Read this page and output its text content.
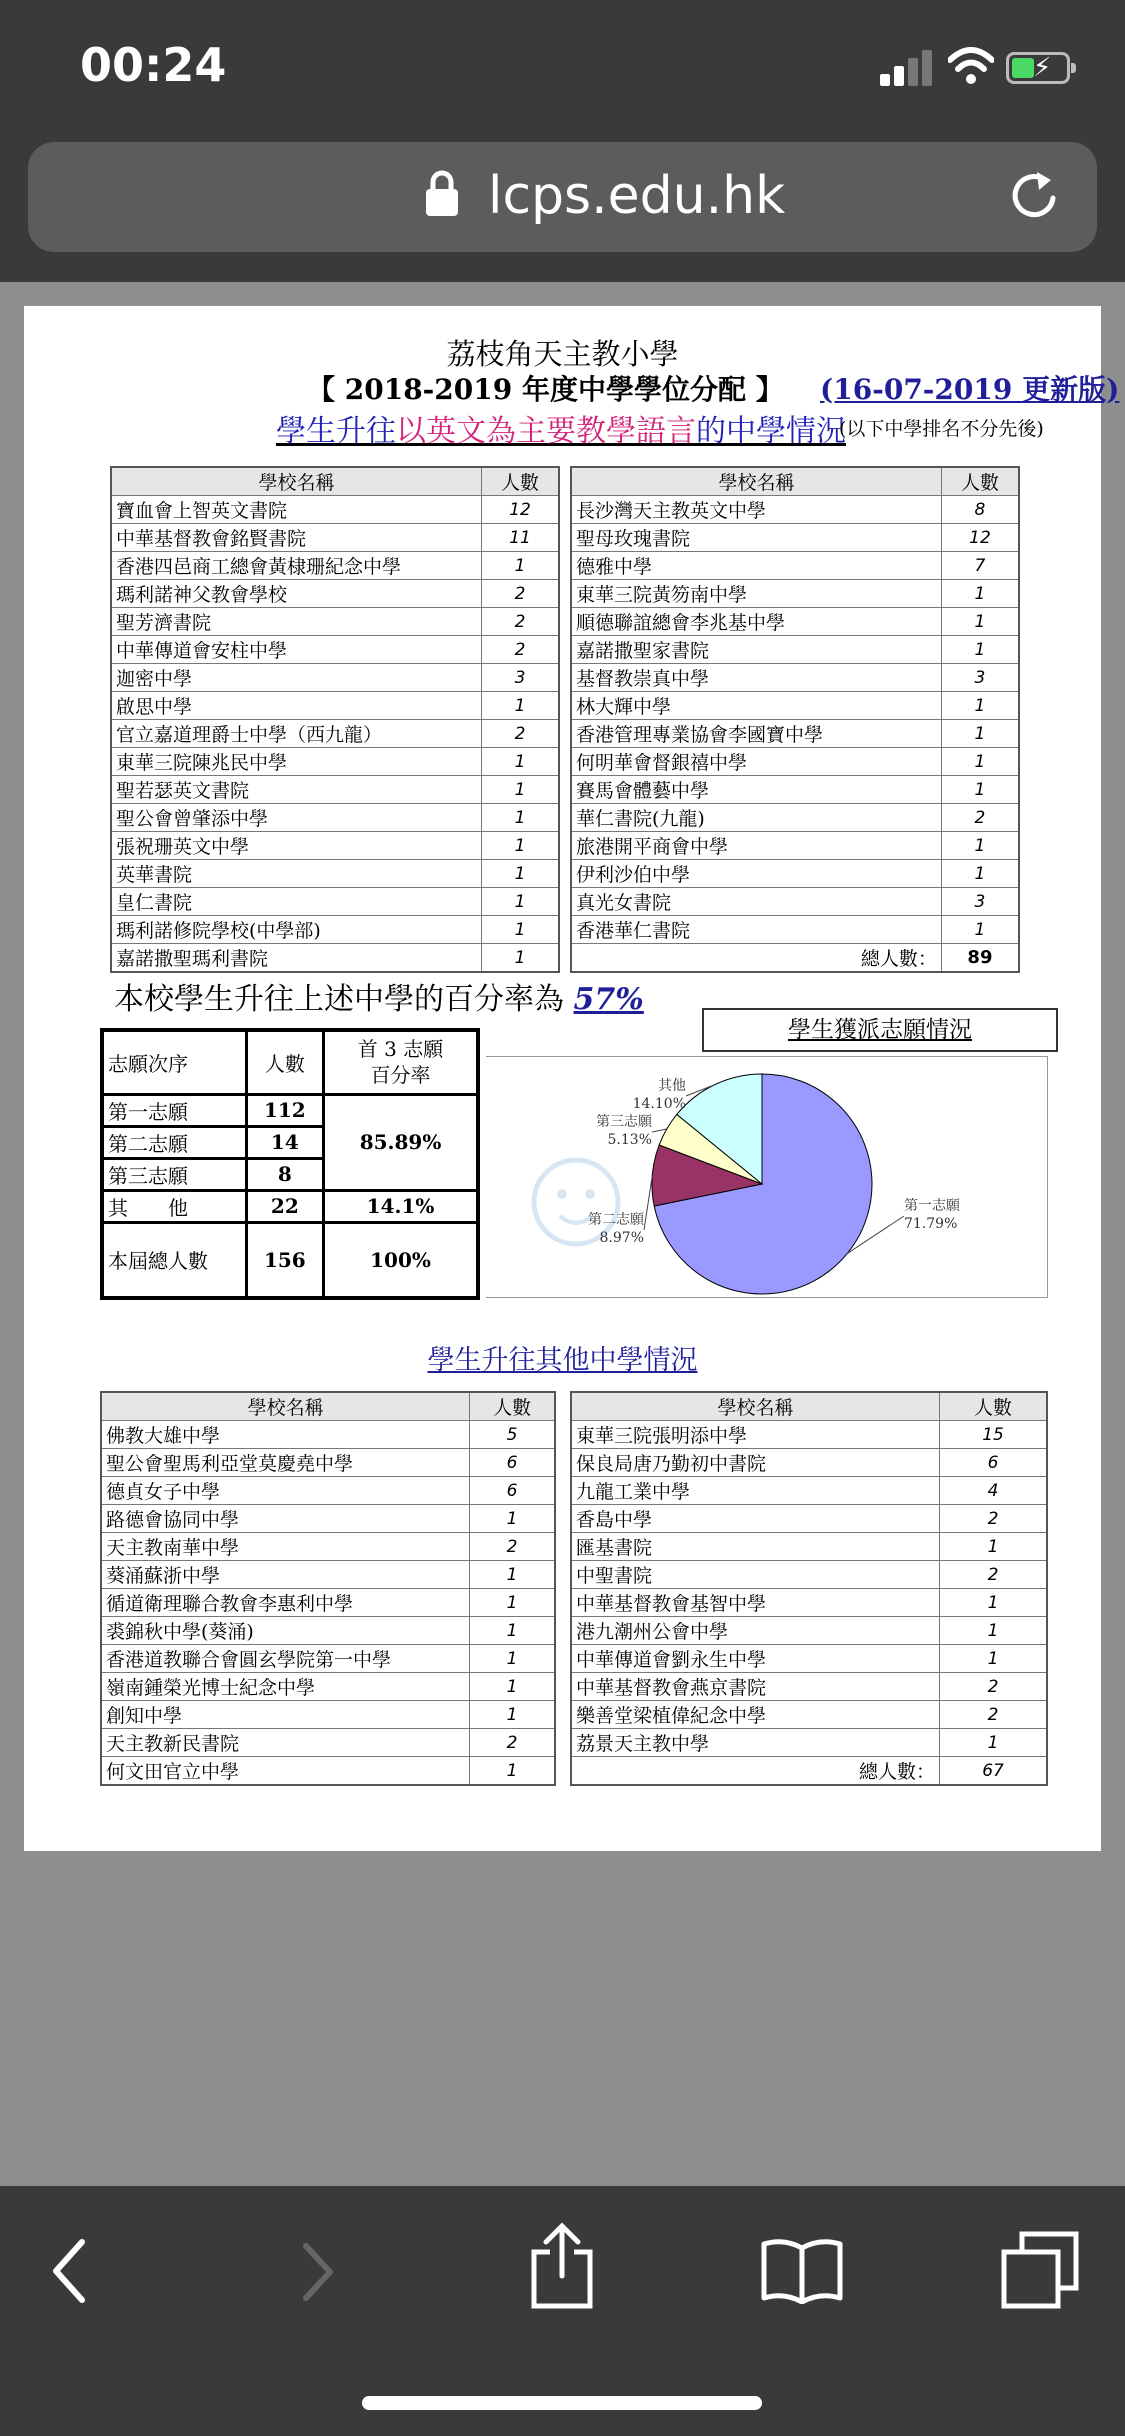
00:24	⚡
lcps.edu.hk
荔枝角天主教小學
【 2018-2019 年度中學學位分配 】 (16-07-2019 更新版)
學生升往以英文為主要教學語言的中學情況
(以下中學排名不分先後)
學校名稱	人數
寶血會上智英文書院	12
中華基督教會銘賢書院	11
香港四邑商工總會黃棣珊紀念中學	1
瑪利諾神父教會學校	2
聖芳濟書院	2
中華傳道會安柱中學	2
迦密中學	3
啟思中學	1
官立嘉道理爵士中學（西九龍）	2
東華三院陳兆民中學	1
聖若瑟英文書院	1
聖公會曾肇添中學	1
張祝珊英文中學	1
英華書院	1
皇仁書院	1
瑪利諾修院學校(中學部)	1
嘉諾撒聖瑪利書院	1
學校名稱	人數
長沙灣天主教英文中學	8
聖母玫瑰書院	12
德雅中學	7
東華三院黃笏南中學	1
順德聯誼總會李兆基中學	1
嘉諾撒聖家書院	1
基督教崇真中學	3
林大輝中學	1
香港管理專業協會李國寶中學	1
何明華會督銀禧中學	1
賽馬會體藝中學	1
華仁書院(九龍)	2
旅港開平商會中學	1
伊利沙伯中學	1
真光女書院	3
香港華仁書院	1
總人數：	89
本校學生升往上述中學的百分率為 57%
志願次序	人數	首 3 志願
百分率
第一志願	112	85.89%
第二志願	14	
第三志願	8	
其　　他	22	14.1%
本屆總人數	156	100%
學生獲派志願情況
第一志願
71.79%
第二志願
8.97%
第三志願
5.13%
其他
14.10%
學生升往其他中學情況
學校名稱	人數
佛教大雄中學	5
聖公會聖馬利亞堂莫慶堯中學	6
德貞女子中學	6
路德會協同中學	1
天主教南華中學	2
葵涌蘇浙中學	1
循道衛理聯合教會李惠利中學	1
裘錦秋中學(葵涌)	1
香港道教聯合會圓玄學院第一中學	1
嶺南鍾榮光博士紀念中學	1
創知中學	1
天主教新民書院	2
何文田官立中學	1
學校名稱	人數
東華三院張明添中學	15
保良局唐乃勤初中書院	6
九龍工業中學	4
香島中學	2
匯基書院	1
中聖書院	2
中華基督教會基智中學	1
港九潮州公會中學	1
中華傳道會劉永生中學	1
中華基督教會燕京書院	2
樂善堂梁植偉紀念中學	2
荔景天主教中學	1
總人數：	67
